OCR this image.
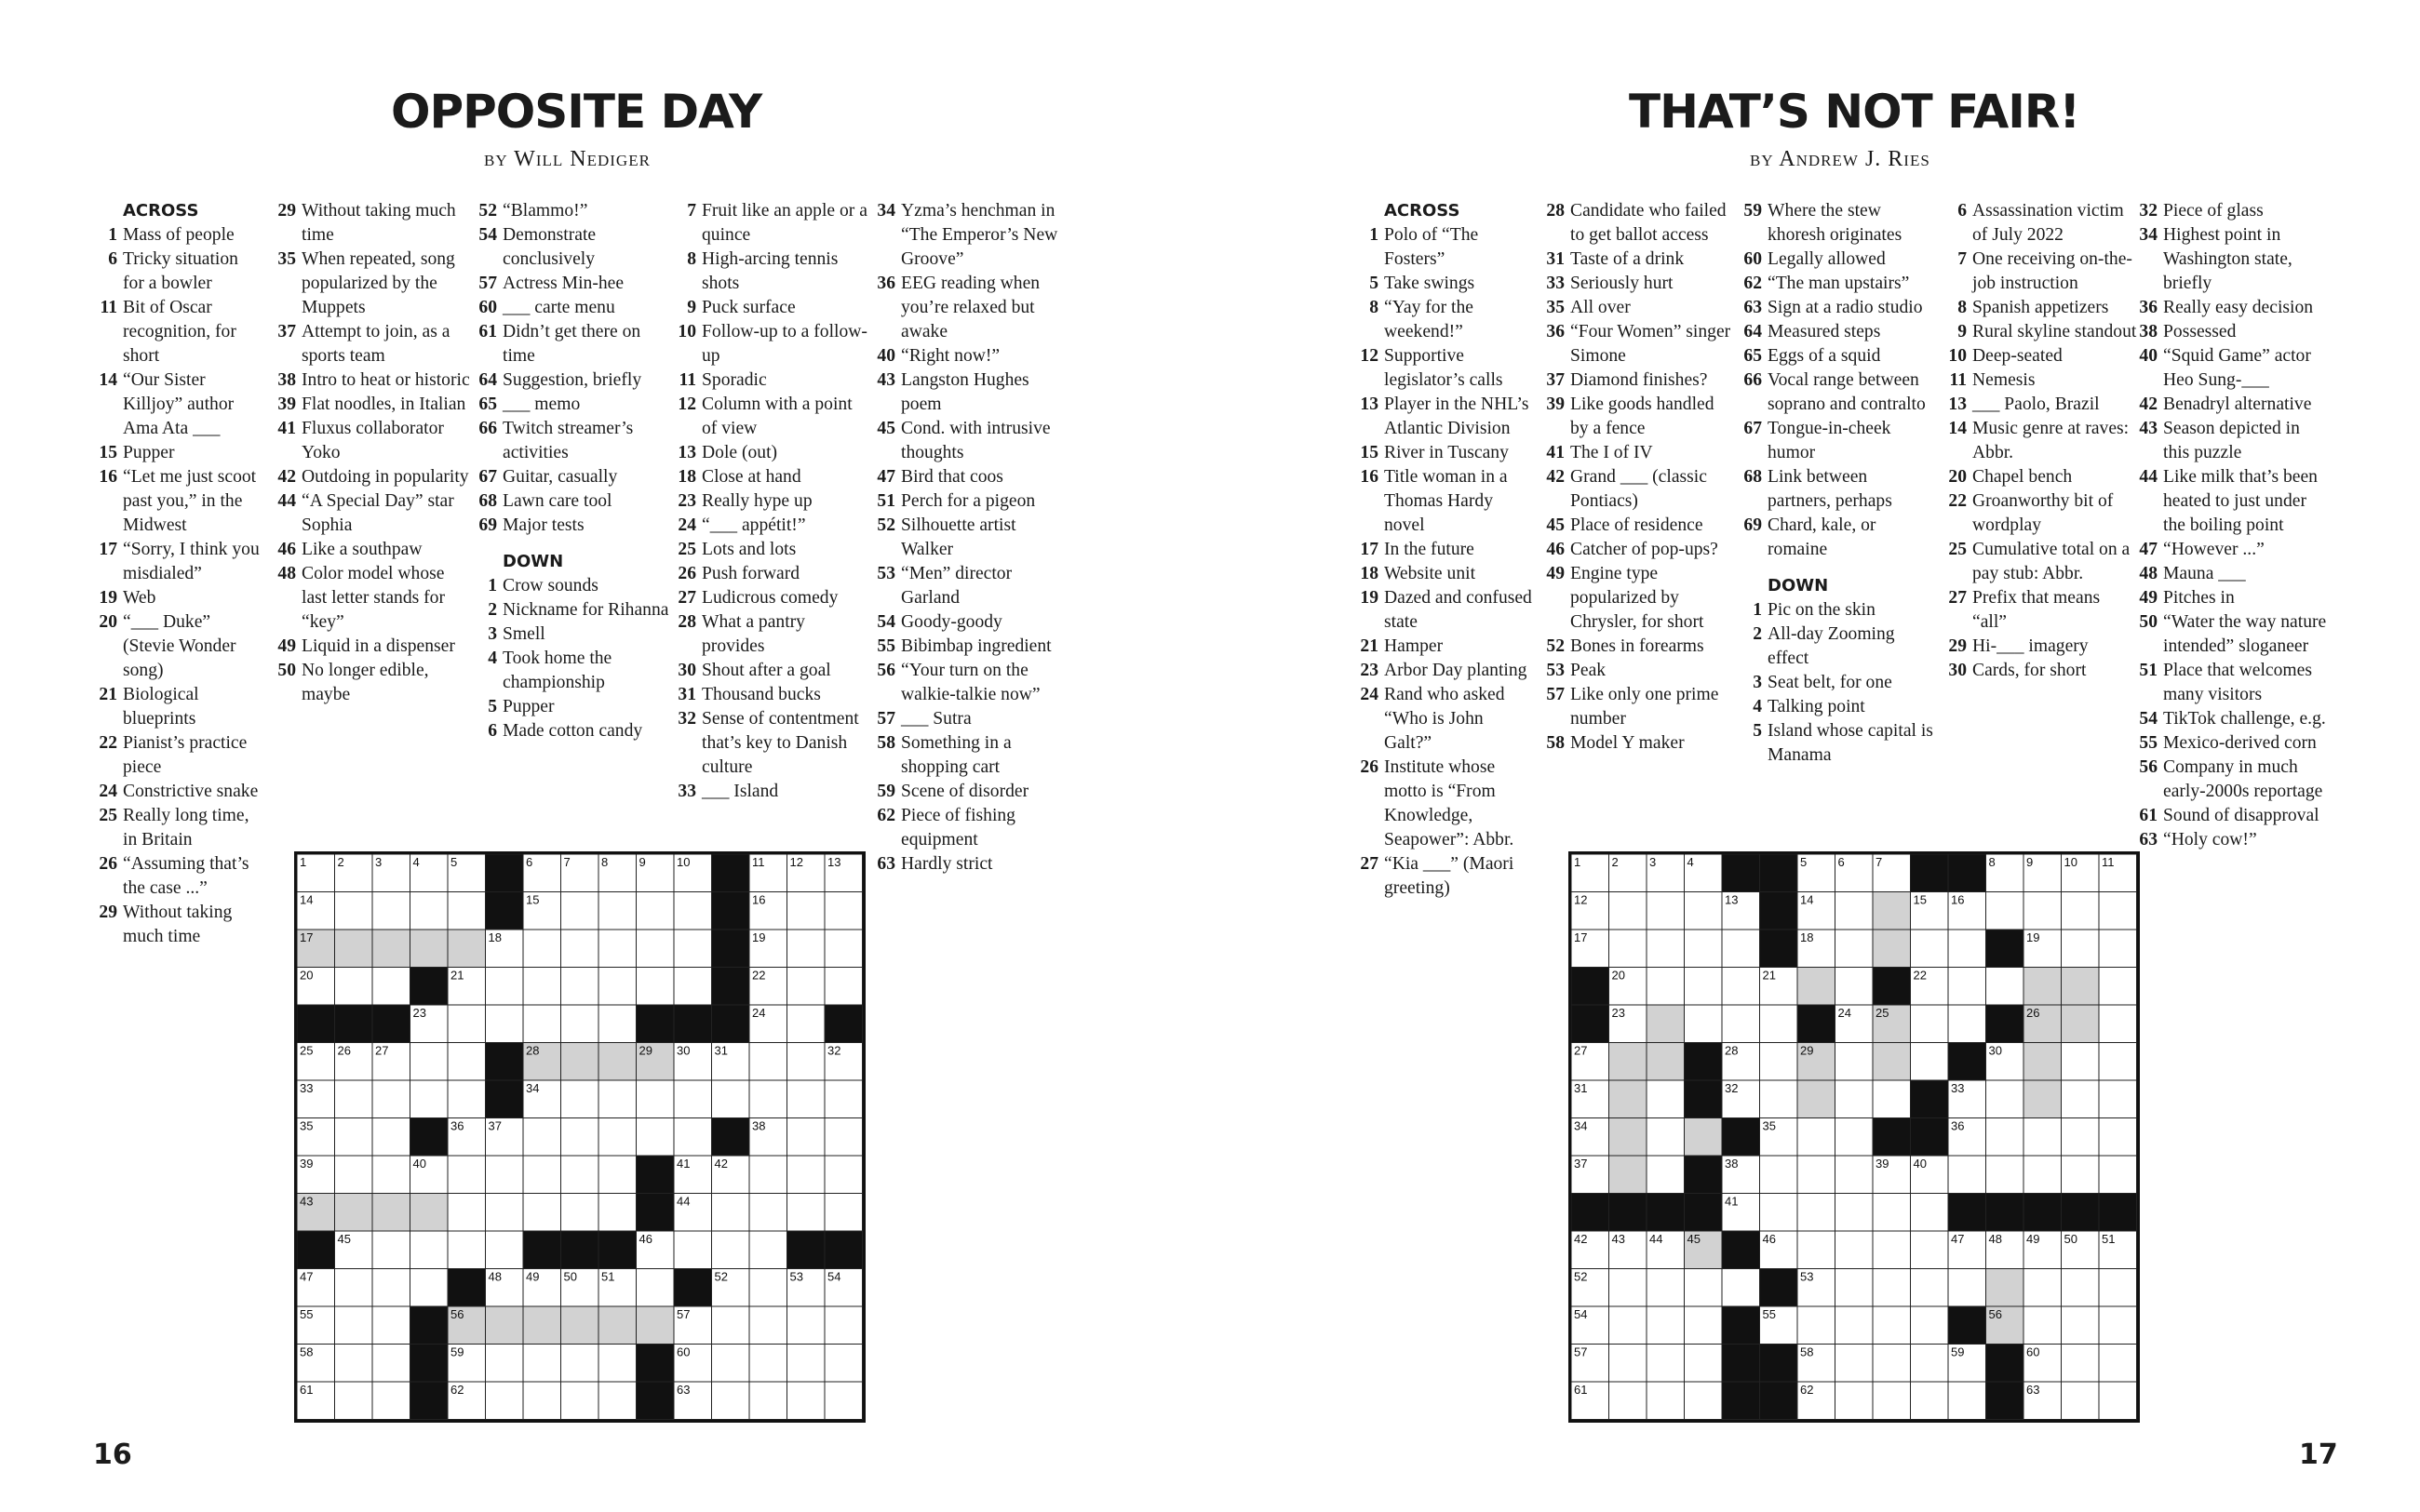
OPPOSITE DAY
by Will Nediger
ACROSS
1 Mass of people
6 Tricky situation for a bowler
11 Bit of Oscar recognition, for short
14 “Our Sister Killjoy” author Ama Ata ___
15 Pupper
16 “Let me just scoot past you,” in the Midwest
17 “Sorry, I think you misdialed”
19 Web
20 “___ Duke” (Stevie Wonder song)
21 Biological blueprints
22 Pianist’s practice piece
24 Constrictive snake
25 Really long time, in Britain
26 “Assuming that’s the case ...”
29 Without taking much time
29 Without taking much time
35 When repeated, song popularized by the Muppets
37 Attempt to join, as a sports team
38 Intro to heat or historic
39 Flat noodles, in Italian
41 Fluxus collaborator Yoko
42 Outdoing in popularity
44 “A Special Day” star Sophia
46 Like a southpaw
48 Color model whose last letter stands for “key”
49 Liquid in a dispenser
50 No longer edible, maybe
52 “Blammo!”
54 Demonstrate conclusively
57 Actress Min-hee
60 ___ carte menu
61 Didn’t get there on time
64 Suggestion, briefly
65 ___ memo
66 Twitch streamer’s activities
67 Guitar, casually
68 Lawn care tool
69 Major tests
DOWN
1 Crow sounds
2 Nickname for Rihanna
3 Smell
4 Took home the championship
5 Pupper
6 Made cotton candy
7 Fruit like an apple or a quince
8 High-arcing tennis shots
9 Puck surface
10 Follow-up to a follow-up
11 Sporadic
12 Column with a point of view
13 Dole (out)
18 Close at hand
23 Really hype up
24 “___ appétit!”
25 Lots and lots
26 Push forward
27 Ludicrous comedy
28 What a pantry provides
30 Shout after a goal
31 Thousand bucks
32 Sense of contentment that’s key to Danish culture
33 ___ Island
34 Yzma’s henchman in “The Emperor’s New Groove”
36 EEG reading when you’re relaxed but awake
40 “Right now!”
43 Langston Hughes poem
45 Cond. with intrusive thoughts
47 Bird that coos
51 Perch for a pigeon
52 Silhouette artist Walker
53 “Men” director Garland
54 Goody-goody
55 Bibimbap ingredient
56 “Your turn on the walkie-talkie now”
57 ___ Sutra
58 Something in a shopping cart
59 Scene of disorder
62 Piece of fishing equipment
63 Hardly strict
1	2	3	4	5	6	7	8	9	10	11 12 13
14	15	16
17	18	19
20	21	22
23	24
25 26 27	28	29 30 31	32
33	34
35	36 37	38
39	40	41 42
43	44
45	46
47	48 49 50 51	52	53 54
55	56	57
58	59	60
61	62	63
16
THAT’S NOT FAIR!
by Andrew J. Ries
ACROSS
1 Polo of “The Fosters”
5 Take swings
8 “Yay for the weekend!”
12 Supportive legislator’s calls
13 Player in the NHL’s Atlantic Division
15 River in Tuscany
16 Title woman in a Thomas Hardy novel
17 In the future
18 Website unit
19 Dazed and confused state
21 Hamper
23 Arbor Day planting
24 Rand who asked “Who is John Galt?”
26 Institute whose motto is “From Knowledge, Seapower”: Abbr.
27 “Kia ___” (Maori greeting)
28 Candidate who failed to get ballot access
31 Taste of a drink
33 Seriously hurt
35 All over
36 “Four Women” singer Simone
37 Diamond finishes?
39 Like goods handled by a fence
41 The I of IV
42 Grand ___ (classic Pontiacs)
45 Place of residence
46 Catcher of pop-ups?
49 Engine type popularized by Chrysler, for short
52 Bones in forearms
53 Peak
57 Like only one prime number
58 Model Y maker
59 Where the stew khoresh originates
60 Legally allowed
62 “The man upstairs”
63 Sign at a radio studio
64 Measured steps
65 Eggs of a squid
66 Vocal range between soprano and contralto
67 Tongue-in-cheek humor
68 Link between partners, perhaps
69 Chard, kale, or romaine
DOWN
1 Pic on the skin
2 All-day Zooming effect
3 Seat belt, for one
4 Talking point
5 Island whose capital is Manama
6 Assassination victim of July 2022
7 One receiving on-the-job instruction
8 Spanish appetizers
9 Rural skyline standout
10 Deep-seated
11 Nemesis
13 ___ Paolo, Brazil
14 Music genre at raves: Abbr.
20 Chapel bench
22 Groanworthy bit of wordplay
25 Cumulative total on a pay stub: Abbr.
27 Prefix that means “all”
29 Hi-___ imagery
30 Cards, for short
32 Piece of glass
34 Highest point in Washington state, briefly
36 Really easy decision
38 Possessed
40 “Squid Game” actor Heo Sung-___
42 Benadryl alternative
43 Season depicted in this puzzle
44 Like milk that’s been heated to just under the boiling point
47 “However ...”
48 Mauna ___
49 Pitches in
50 “Water the way nature intended” sloganeer
51 Place that welcomes many visitors
54 TikTok challenge, e.g.
55 Mexico-derived corn
56 Company in much early-2000s reportage
61 Sound of disapproval
63 “Holy cow!”
1	2	3	4	5	6	7	8	9	10 11
12	13	14	15 16
17	18	19
20	21	22
23	24 25	26
27	28	29	30
31	32	33
34	35	36
37	38	39 40
41
42 43 44 45	46	47 48 49 50 51
52	53
54	55	56
57	58	59	60
61	62	63
17
